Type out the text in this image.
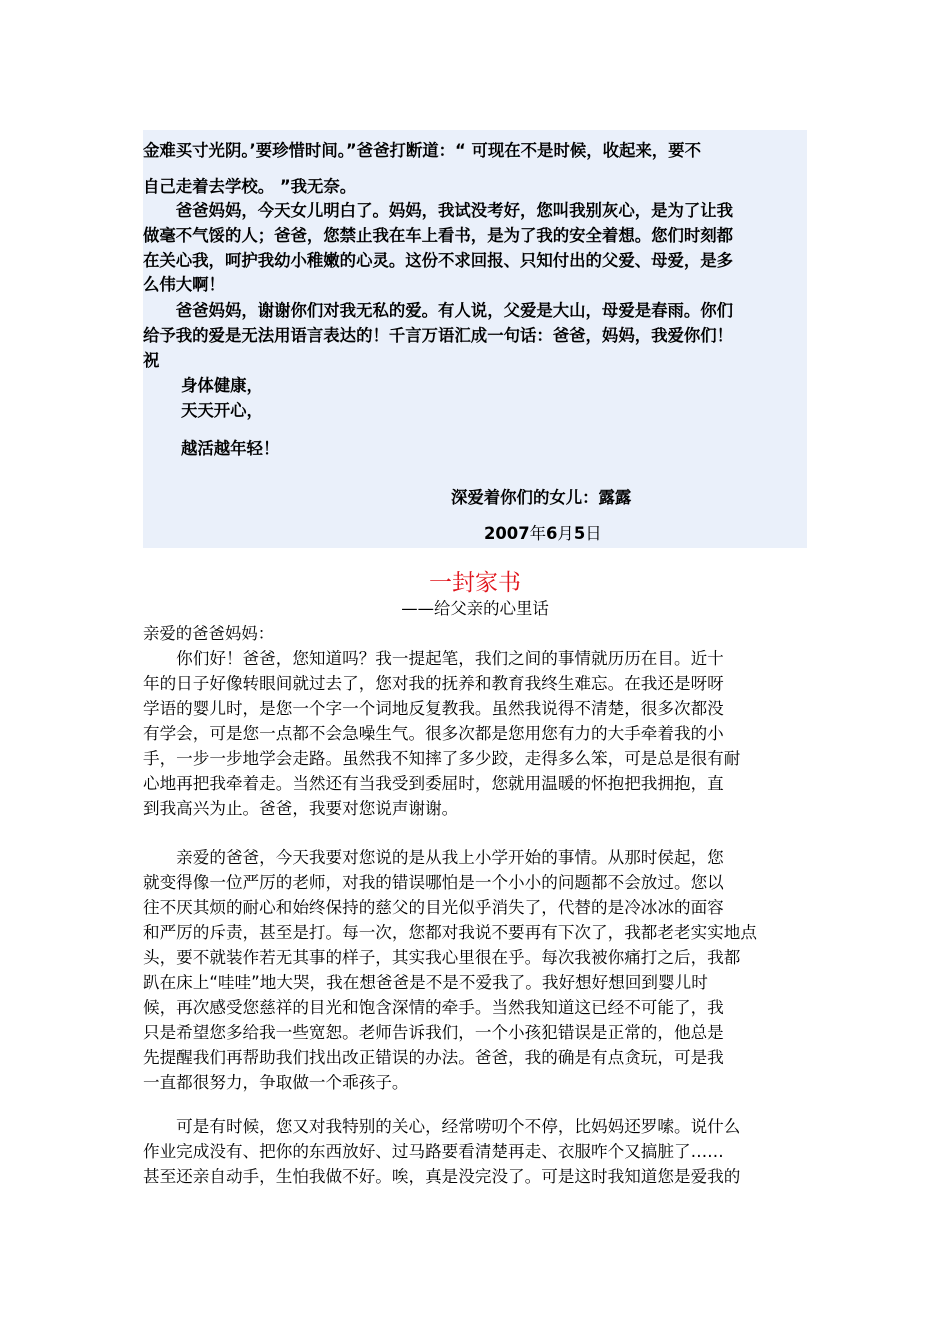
金难买寸光阴。’要珍惜时间。”爸爸打断道：“ 可现在不是时候，收起来，要不
自己走着去学校。 ”我无奈。
　　爸爸妈妈，今天女儿明白了。妈妈，我试没考好，您叫我别灰心，是为了让我
做毫不气馁的人；爸爸，您禁止我在车上看书，是为了我的安全着想。您们时刻都
在关心我，呵护我幼小稚嫩的心灵。这份不求回报、只知付出的父爱、母爱，是多
么伟大啊！
　　爸爸妈妈，谢谢你们对我无私的爱。有人说，父爱是大山，母爱是春雨。你们
给予我的爱是无法用语言表达的！千言万语汇成一句话：爸爸，妈妈，我爱你们！
祝
身体健康，
天天开心，
越活越年轻！
深爱着你们的女儿：露露
2007年6月5日
一封家书
——给父亲的心里话
亲爱的爸爸妈妈：
　　你们好！爸爸，您知道吗？我一提起笔，我们之间的事情就历历在目。近十
年的日子好像转眼间就过去了，您对我的抚养和教育我终生难忘。在我还是呀呀
学语的婴儿时，是您一个字一个词地反复教我。虽然我说得不清楚，很多次都没
有学会，可是您一点都不会急噪生气。很多次都是您用您有力的大手牵着我的小
手，一步一步地学会走路。虽然我不知摔了多少跤，走得多么笨，可是总是很有耐
心地再把我牵着走。当然还有当我受到委屈时，您就用温暖的怀抱把我拥抱，直
到我高兴为止。爸爸，我要对您说声谢谢。
　　亲爱的爸爸，今天我要对您说的是从我上小学开始的事情。从那时侯起，您
就变得像一位严厉的老师，对我的错误哪怕是一个小小的问题都不会放过。您以
往不厌其烦的耐心和始终保持的慈父的目光似乎消失了，代替的是冷冰冰的面容
和严厉的斥责，甚至是打。每一次，您都对我说不要再有下次了，我都老老实实地点
头，要不就装作若无其事的样子，其实我心里很在乎。每次我被你痛打之后，我都
趴在床上“哇哇”地大哭，我在想爸爸是不是不爱我了。我好想好想回到婴儿时
候，再次感受您慈祥的目光和饱含深情的牵手。当然我知道这已经不可能了，我
只是希望您多给我一些宽恕。老师告诉我们，一个小孩犯错误是正常的，他总是
先提醒我们再帮助我们找出改正错误的办法。爸爸，我的确是有点贪玩，可是我
一直都很努力，争取做一个乖孩子。
　　可是有时候，您又对我特别的关心，经常唠叨个不停，比妈妈还罗嗦。说什么
作业完成没有、把你的东西放好、过马路要看清楚再走、衣服咋个又搞脏了……
甚至还亲自动手，生怕我做不好。唉，真是没完没了。可是这时我知道您是爱我的
